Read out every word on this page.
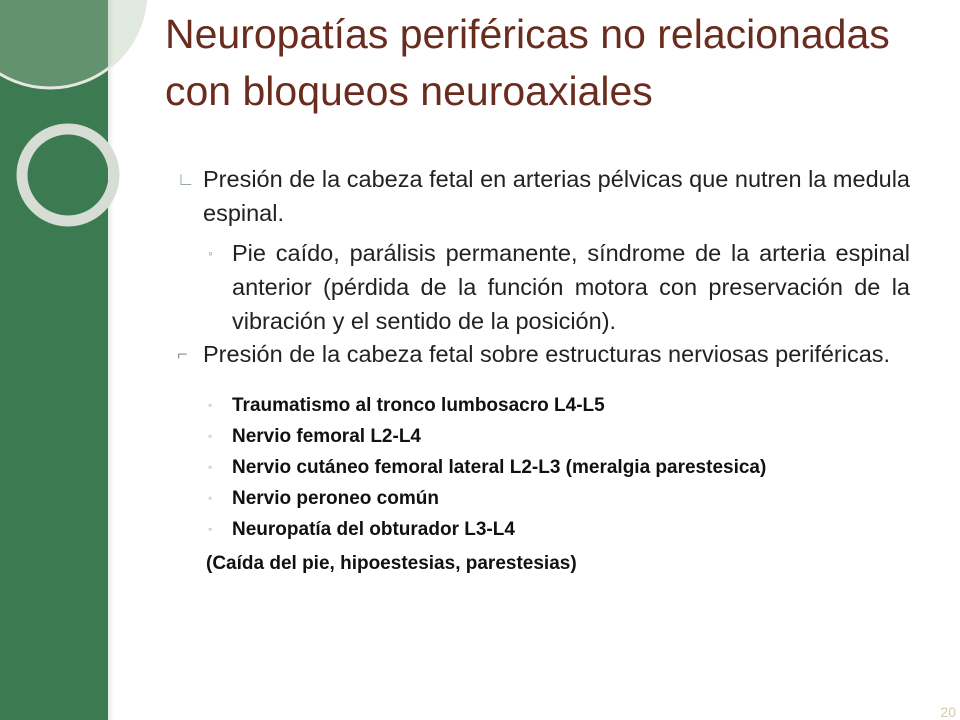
Neuropatías periféricas no relacionadas con bloqueos neuroaxiales
∟ Presión de la cabeza fetal en arterias pélvicas que nutren la medula espinal.
◦ Pie caído, parálisis permanente, síndrome de la arteria espinal anterior (pérdida de la función motora con preservación de la vibración y el sentido de la posición).
⌐ Presión de la cabeza fetal sobre estructuras nerviosas periféricas.
◦ Traumatismo al tronco lumbosacro L4-L5
◦ Nervio femoral L2-L4
◦ Nervio cutáneo femoral lateral L2-L3 (meralgia parestesica)
◦ Nervio peroneo común
◦ Neuropatía del obturador L3-L4
(Caída del pie, hipoestesias, parestesias)
20
